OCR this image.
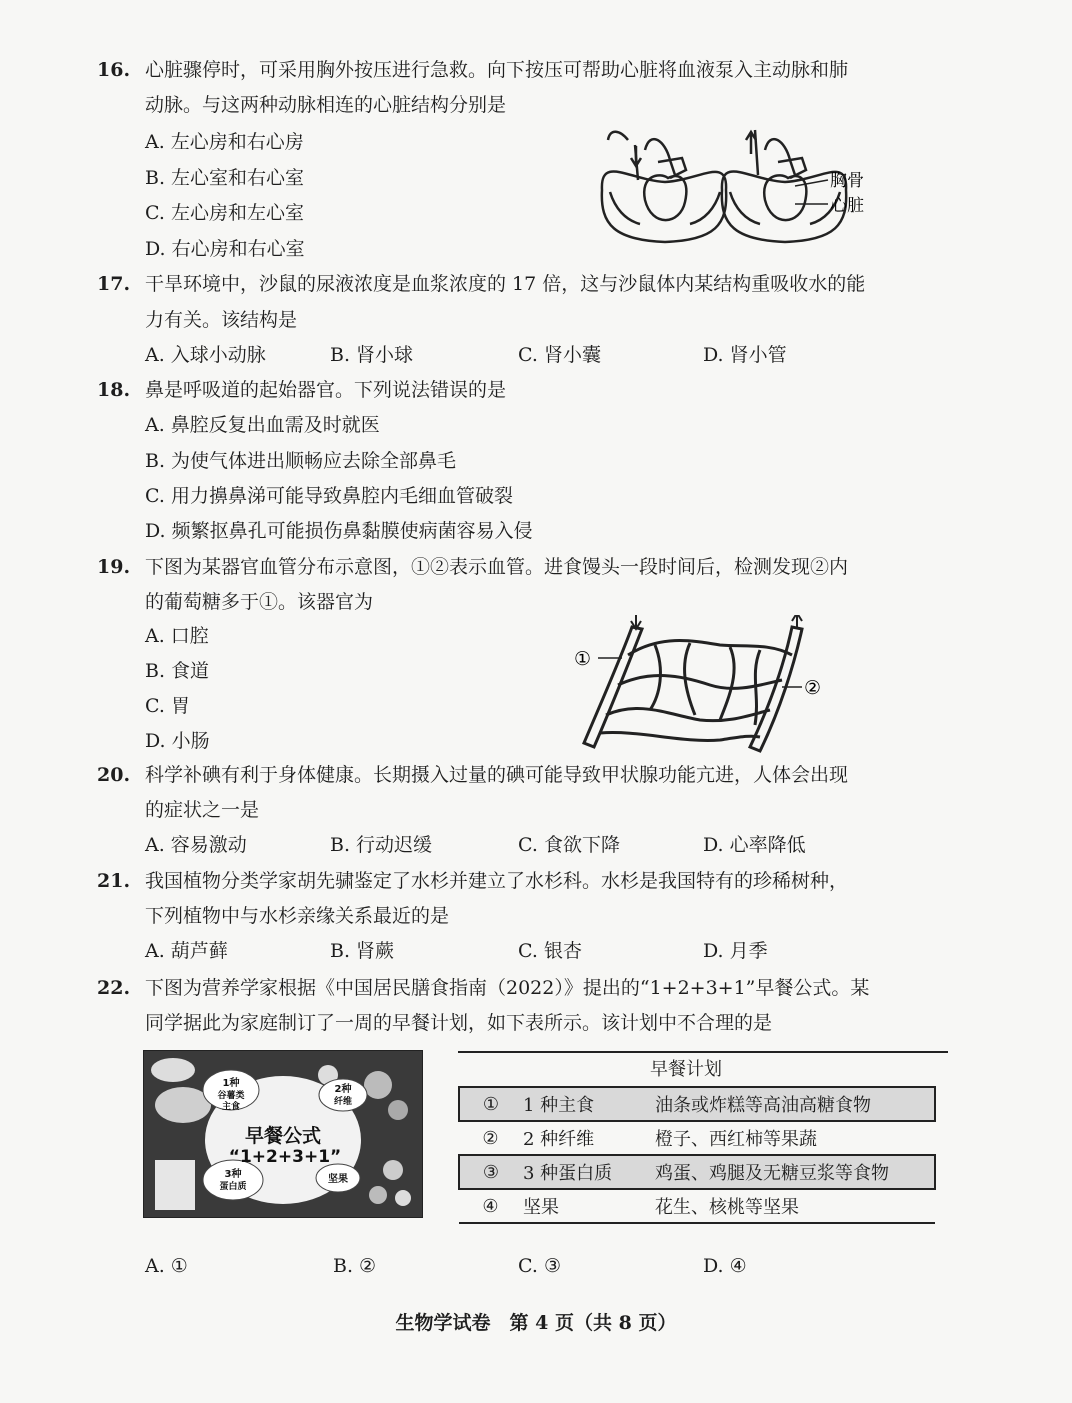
16. 心脏骤停时，可采用胸外按压进行急救。向下按压可帮助心脏将血液泵入主动脉和肺
动脉。与这两种动脉相连的心脏结构分别是
A. 左心房和右心房
B. 左心室和右心室
C. 左心房和左心室
D. 右心房和右心室
胸骨
心脏
17. 干旱环境中，沙鼠的尿液浓度是血浆浓度的 17 倍，这与沙鼠体内某结构重吸收水的能
力有关。该结构是
A. 入球小动脉	B. 肾小球	C. 肾小囊	D. 肾小管
18. 鼻是呼吸道的起始器官。下列说法错误的是
A. 鼻腔反复出血需及时就医
B. 为使气体进出顺畅应去除全部鼻毛
C. 用力擤鼻涕可能导致鼻腔内毛细血管破裂
D. 频繁抠鼻孔可能损伤鼻黏膜使病菌容易入侵
19. 下图为某器官血管分布示意图，①②表示血管。进食馒头一段时间后，检测发现②内
的葡萄糖多于①。该器官为
A. 口腔
B. 食道
C. 胃
D. 小肠
①
②
20. 科学补碘有利于身体健康。长期摄入过量的碘可能导致甲状腺功能亢进，人体会出现
的症状之一是
A. 容易激动	B. 行动迟缓	C. 食欲下降	D. 心率降低
21. 我国植物分类学家胡先骕鉴定了水杉并建立了水杉科。水杉是我国特有的珍稀树种，
下列植物中与水杉亲缘关系最近的是
A. 葫芦藓	B. 肾蕨	C. 银杏	D. 月季
22. 下图为营养学家根据《中国居民膳食指南（2022）》提出的“1+2+3+1”早餐公式。某
同学据此为家庭制订了一周的早餐计划，如下表所示。该计划中不合理的是
1种
谷薯类
主食
2种
纤维
3种
蛋白质
坚果
早餐公式
“1+2+3+1”
早餐计划
①	1 种主食	油条或炸糕等高油高糖食物
②	2 种纤维	橙子、西红柿等果蔬
③	3 种蛋白质	鸡蛋、鸡腿及无糖豆浆等食物
④	坚果	花生、核桃等坚果
A. ①	B. ②	C. ③	D. ④
生物学试卷　第 4 页（共 8 页）
